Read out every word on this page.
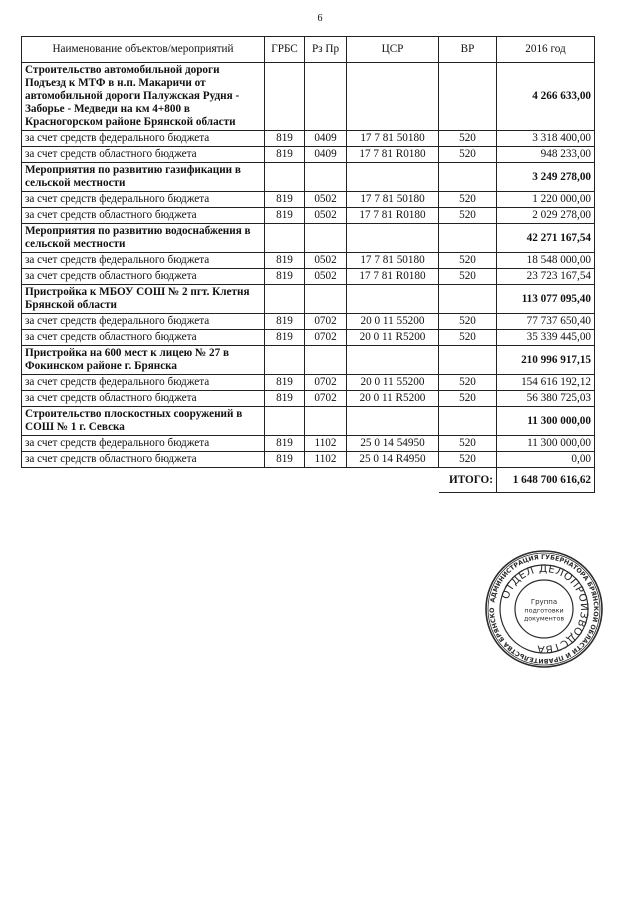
6
Наименование объектов/мероприятий	ГРБС	Рз Пр	ЦСР	ВР	2016 год
Строительство автомобильной дороги Подъезд к МТФ в н.п. Макаричи от автомобильной дороги Палужская Рудня - Заборье - Медведи на км 4+800 в Красногорском районе Брянской области					4 266 633,00
за счет средств федерального бюджета	819	0409	17 7 81 50180	520	3 318 400,00
за счет средств областного бюджета	819	0409	17 7 81 R0180	520	948 233,00
Мероприятия по развитию газификации в сельской местности					3 249 278,00
за счет средств федерального бюджета	819	0502	17 7 81 50180	520	1 220 000,00
за счет средств областного бюджета	819	0502	17 7 81 R0180	520	2 029 278,00
Мероприятия по развитию водоснабжения в сельской местности					42 271 167,54
за счет средств федерального бюджета	819	0502	17 7 81 50180	520	18 548 000,00
за счет средств областного бюджета	819	0502	17 7 81 R0180	520	23 723 167,54
Пристройка к МБОУ СОШ № 2 пгт. Клетня Брянской области					113 077 095,40
за счет средств федерального бюджета	819	0702	20 0 11 55200	520	77 737 650,40
за счет средств областного бюджета	819	0702	20 0 11 R5200	520	35 339 445,00
Пристройка на 600 мест к лицею № 27 в Фокинском районе г. Брянска					210 996 917,15
за счет средств федерального бюджета	819	0702	20 0 11 55200	520	154 616 192,12
за счет средств областного бюджета	819	0702	20 0 11 R5200	520	56 380 725,03
Строительство плоскостных сооружений в СОШ № 1 г. Севска					11 300 000,00
за счет средств федерального бюджета	819	1102	25 0 14 54950	520	11 300 000,00
за счет средств областного бюджета	819	1102	25 0 14 R4950	520	0,00
				ИТОГО:	1 648 700 616,62
АДМИНИСТРАЦИЯ ГУБЕРНАТОРА БРЯНСКОЙ ОБЛАСТИ И ПРАВИТЕЛЬСТВА БРЯНСКО
ОТДЕЛ ДЕЛОПРОИЗВОДСТВА
Группа
подготовки
документов
